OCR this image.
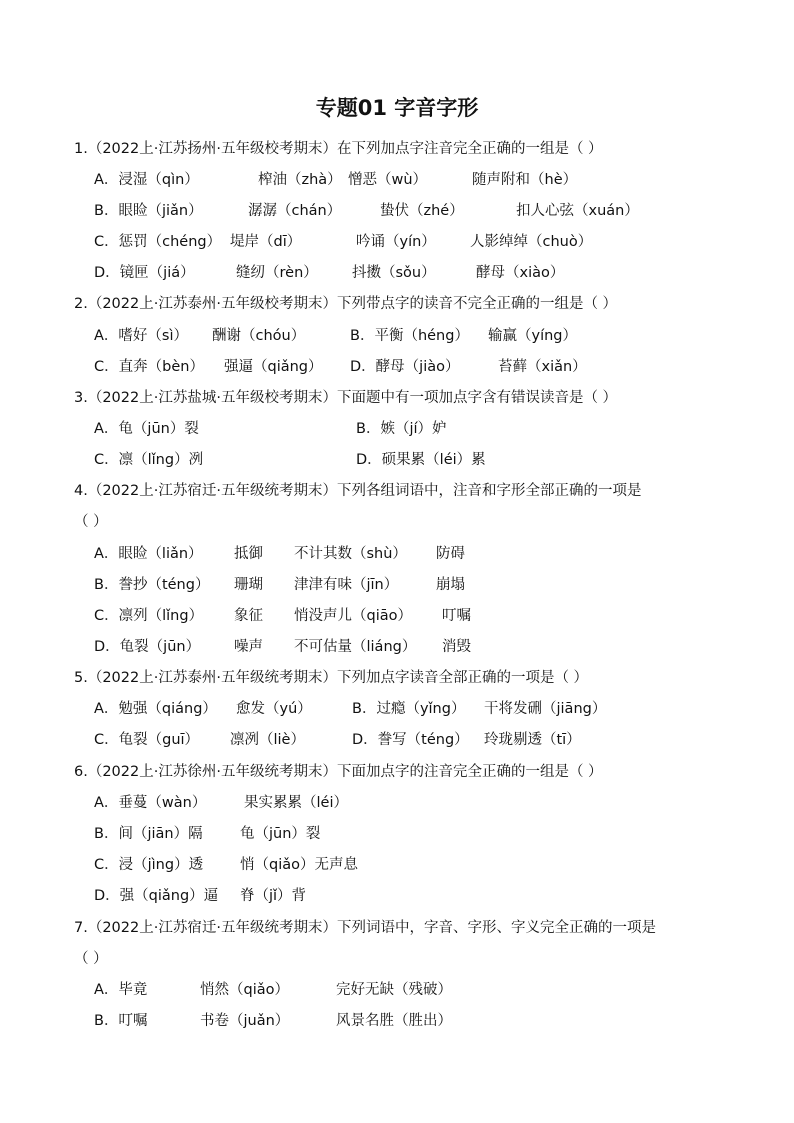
专题01 字音字形
1.（2022上·江苏扬州·五年级校考期末）在下列加点字注音完全正确的一组是（ ）
A．浸湿（qìn）	榨油（zhà） 憎恶（wù）	随声附和（hè）
B．眼睑（jiǎn）	潺潺（chán）	蛰伏（zhé）	扣人心弦（xuán）
C．惩罚（chéng） 堤岸（dī）	吟诵（yín） 人影绰绰（chuò）
D．镜匣（jiá）	缝纫（rèn） 抖擞（sǒu）	酵母（xiào）
2.（2022上·江苏泰州·五年级校考期末）下列带点字的读音不完全正确的一组是（ ）
A．嗜好（sì） 酬谢（chóu）	B．平衡（héng） 输赢（yíng）
C．直奔（bèn） 强逼（qiǎng） D．酵母（jiào）	苔藓（xiǎn）
3.（2022上·江苏盐城·五年级校考期末）下面题中有一项加点字含有错误读音是（ ）
A．龟（jūn）裂	B．嫉（jí）妒
C．凛（lǐng）冽	D．硕果累（léi）累
4.（2022上·江苏宿迁·五年级统考期末）下列各组词语中，注音和字形全部正确的一项是
（ ）
A．眼睑（liǎn） 抵御 不计其数（shù） 防碍
B．誊抄（téng） 珊瑚 津津有味（jīn）	崩塌
C．凛列（lǐng） 象征 悄没声儿（qiāo） 叮嘱
D．龟裂（jūn） 噪声 不可估量（liáng） 消毁
5.（2022上·江苏泰州·五年级统考期末）下列加点字读音全部正确的一项是（ ）
A．勉强（qiáng） 愈发（yú）	B．过瘾（yǐng） 干将发硎（jiāng）
C．龟裂（guī） 凛冽（liè）	D．誊写（téng） 玲珑剔透（tī）
6.（2022上·江苏徐州·五年级统考期末）下面加点字的注音完全正确的一组是（ ）
A．垂蔓（wàn）	果实累累（léi）
B．间（jiān）隔	龟（jūn）裂
C．浸（jìng）透	悄（qiǎo）无声息
D．强（qiǎng）逼 脊（jǐ）背
7.（2022上·江苏宿迁·五年级统考期末）下列词语中，字音、字形、字义完全正确的一项是
（ ）
A．毕竟	悄然（qiǎo）	完好无缺（残破）
B．叮嘱	书卷（juǎn）	风景名胜（胜出）
